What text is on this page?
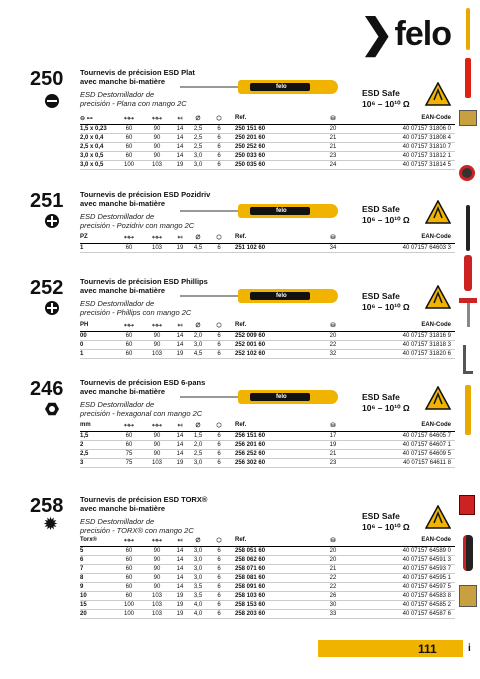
❯ felo
250 Tournevis de précision ESD Plat
avec manche bi-matière
ESD Destornillador de
precisión - Plana con mango 2C
felo
ESD Safe
10⁶ – 10¹⁰ Ω
⊖ ⊷	↤↦	↤↦	↤	∅	⬡	Ref.	⛁	EAN-Code
1,5 x 0,23	60	90	14	2,5	6	250 151 60	20	40 07157 31806 0
2,0 x 0,4	60	90	14	2,5	6	250 201 60	21	40 07157 31808 4
2,5 x 0,4	60	90	14	2,5	6	250 252 60	21	40 07157 31810 7
3,0 x 0,5	60	90	14	3,0	6	250 033 60	23	40 07157 31812 1
3,0 x 0,5	100	103	19	3,0	6	250 035 60	24	40 07157 31814 5
251 Tournevis de précision ESD Pozidriv
avec manche bi-matière
ESD Destornillador de
precisión - Pozidriv con mango 2C
felo	ESD Safe
10⁶ – 10¹⁰ Ω
PZ	↤↦	↤↦	↤	∅	⬡	Ref.	⛁	EAN-Code
1	60	103	19	4,5	6	251 102 60	34	40 07157 64603 3
252 Tournevis de précision ESD Phillips
avec manche bi-matière
ESD Destornillador de
precisión - Phillips con mango 2C
felo	ESD Safe
10⁶ – 10¹⁰ Ω
PH	↤↦	↤↦	↤	∅	⬡	Ref.	⛁	EAN-Code
00	60	90	14	2,0	6	252 009 60	20	40 07157 31816 9
0	60	90	14	3,0	6	252 001 60	22	40 07157 31818 3
1	60	103	19	4,5	6	252 102 60	32	40 07157 31820 6
246 Tournevis de précision ESD 6-pans
avec manche bi-matière
ESD Destornillador de
precisión - hexagonal con mango 2C
felo	ESD Safe
10⁶ – 10¹⁰ Ω
mm	↤↦	↤↦	↤	∅	⬡	Ref.	⛁	EAN-Code
1,5	60	90	14	1,5	6	256 151 60	17	40 07157 64605 7
2	60	90	14	2,0	6	256 201 60	19	40 07157 64607 1
2,5	75	90	14	2,5	6	256 252 60	21	40 07157 64609 5
3	75	103	19	3,0	6	256 302 60	23	40 07157 64611 8
258
✹ Tournevis de précision ESD TORX®
avec manche bi-matière
ESD Destornillador de
precisión - TORX® con mango 2C
ESD Safe
10⁶ – 10¹⁰ Ω
Torx®	↤↦	↤↦	↤	∅	⬡	Ref.	⛁	EAN-Code
5	60	90	14	3,0	6	258 051 60	20	40 07157 64589 0
6	60	90	14	3,0	6	258 062 60	20	40 07157 64591 3
7	60	90	14	3,0	6	258 071 60	21	40 07157 64593 7
8	60	90	14	3,0	6	258 081 60	22	40 07157 64595 1
9	60	90	14	3,5	6	258 091 60	22	40 07157 64597 5
10	60	103	19	3,5	6	258 103 60	26	40 07157 64583 8
15	100	103	19	4,0	6	258 153 60	30	40 07157 64585 2
20	100	103	19	4,0	6	258 203 60	33	40 07157 64587 6
111	i
